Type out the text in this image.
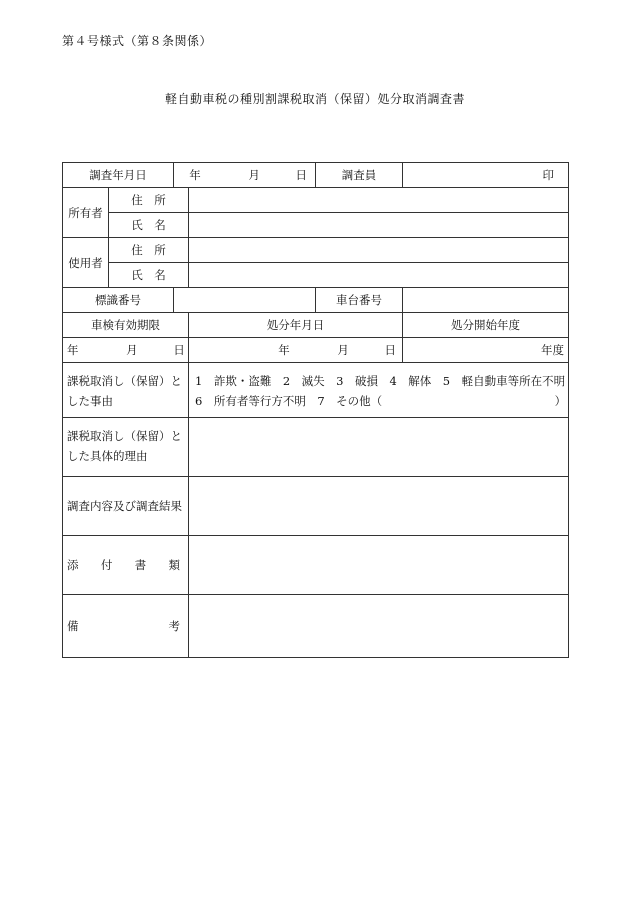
第４号様式（第８条関係）
軽自動車税の種別割課税取消（保留）処分取消調査書
調査年月日		年 月 日		調査員	印
所有者	住　所				
	氏　名				
使用者	住　所				
	氏　名				
標識番号				車台番号	
車検有効期限			処分年月日		処分開始年度
年 月 日			年 月 日		年度
課税取消し（保留）とした事由			1　詐欺・盗難　2　滅失　3　破損　4　解体　5　軽自動車等所在不明
6　所有者等行方不明　7　その他（　　　　　　　　　　　　　　　）		

課税取消し（保留）とした具体的理由					
調査内容及び調査結果					

添 付 書 類					

備 考					
